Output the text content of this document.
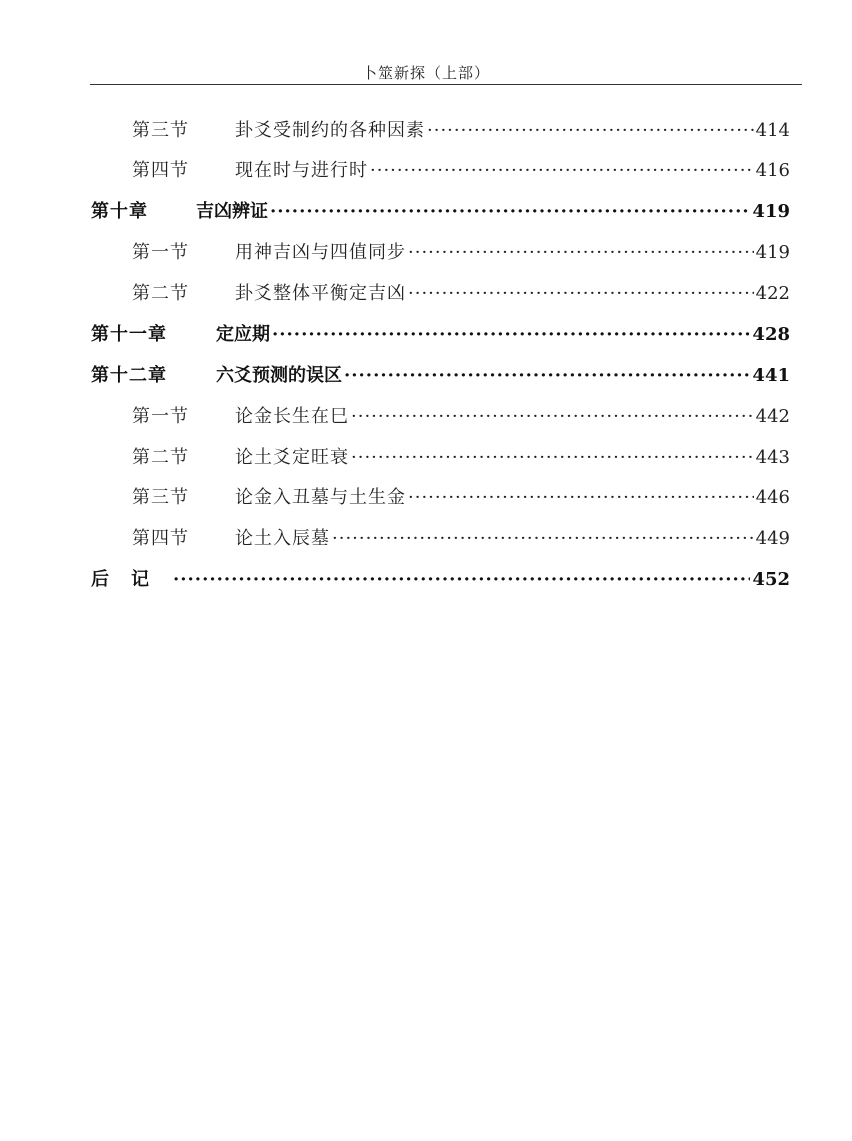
卜筮新探（上部）
第三节	卦爻受制约的各种因素 ·····	414
第四节	现在时与进行时 ·····	416
第十章	吉凶辨证 ·····	419
第一节	用神吉凶与四值同步 ·····	419
第二节	卦爻整体平衡定吉凶 ·····	422
第十一章	定应期 ·····	428
第十二章	六爻预测的误区 ·····	441
第一节	论金长生在巳 ·····	442
第二节	论土爻定旺衰 ·····	443
第三节	论金入丑墓与土生金 ·····	446
第四节	论土入辰墓 ·····	449
后记 ·····	452
